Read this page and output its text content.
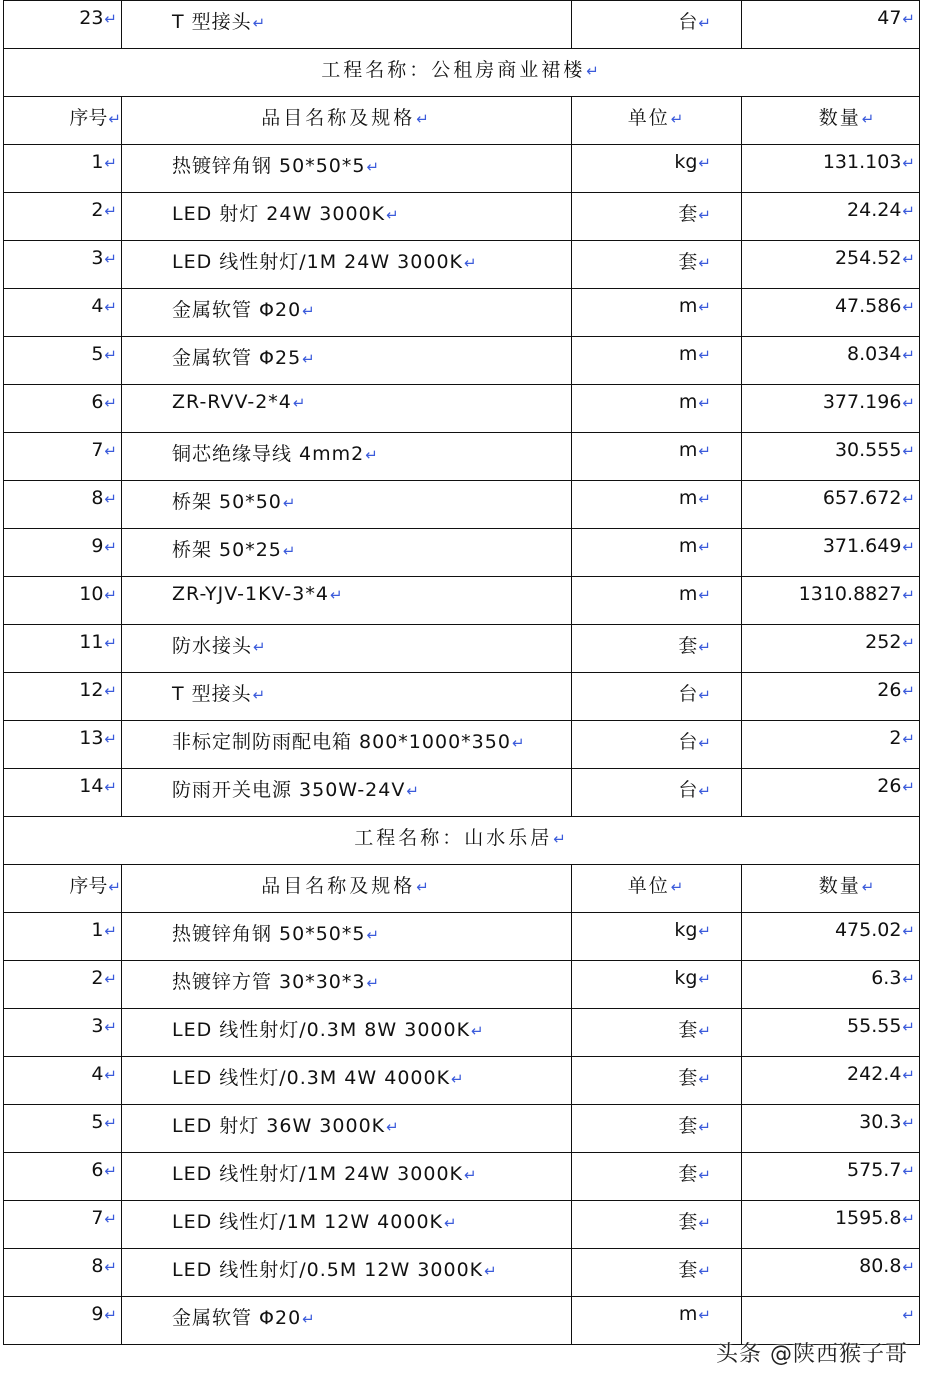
23↵	T 型接头↵	台↵	47↵
工程名称：公租房商业裙楼↵			
序号↵	品目名称及规格↵	单位↵	数量↵
1↵	热镀锌角钢 50*50*5↵	kg↵	131.103↵
2↵	LED 射灯 24W 3000K↵	套↵	24.24↵
3↵	LED 线性射灯/1M 24W 3000K↵	套↵	254.52↵
4↵	金属软管 Φ20↵	m↵	47.586↵
5↵	金属软管 Φ25↵	m↵	8.034↵
6↵	ZR-RVV-2*4↵	m↵	377.196↵
7↵	铜芯绝缘导线 4mm2↵	m↵	30.555↵
8↵	桥架 50*50↵	m↵	657.672↵
9↵	桥架 50*25↵	m↵	371.649↵
10↵	ZR-YJV-1KV-3*4↵	m↵	1310.8827↵
11↵	防水接头↵	套↵	252↵
12↵	T 型接头↵	台↵	26↵
13↵	非标定制防雨配电箱 800*1000*350↵	台↵	2↵
14↵	防雨开关电源 350W-24V↵	台↵	26↵
工程名称：山水乐居↵			
序号↵	品目名称及规格↵	单位↵	数量↵
1↵	热镀锌角钢 50*50*5↵	kg↵	475.02↵
2↵	热镀锌方管 30*30*3↵	kg↵	6.3↵
3↵	LED 线性射灯/0.3M 8W 3000K↵	套↵	55.55↵
4↵	LED 线性灯/0.3M 4W 4000K↵	套↵	242.4↵
5↵	LED 射灯 36W 3000K↵	套↵	30.3↵
6↵	LED 线性射灯/1M 24W 3000K↵	套↵	575.7↵
7↵	LED 线性灯/1M 12W 4000K↵	套↵	1595.8↵
8↵	LED 线性射灯/0.5M 12W 3000K↵	套↵	80.8↵
9↵	金属软管 Φ20↵	m↵	↵
头条 @陕西猴子哥
